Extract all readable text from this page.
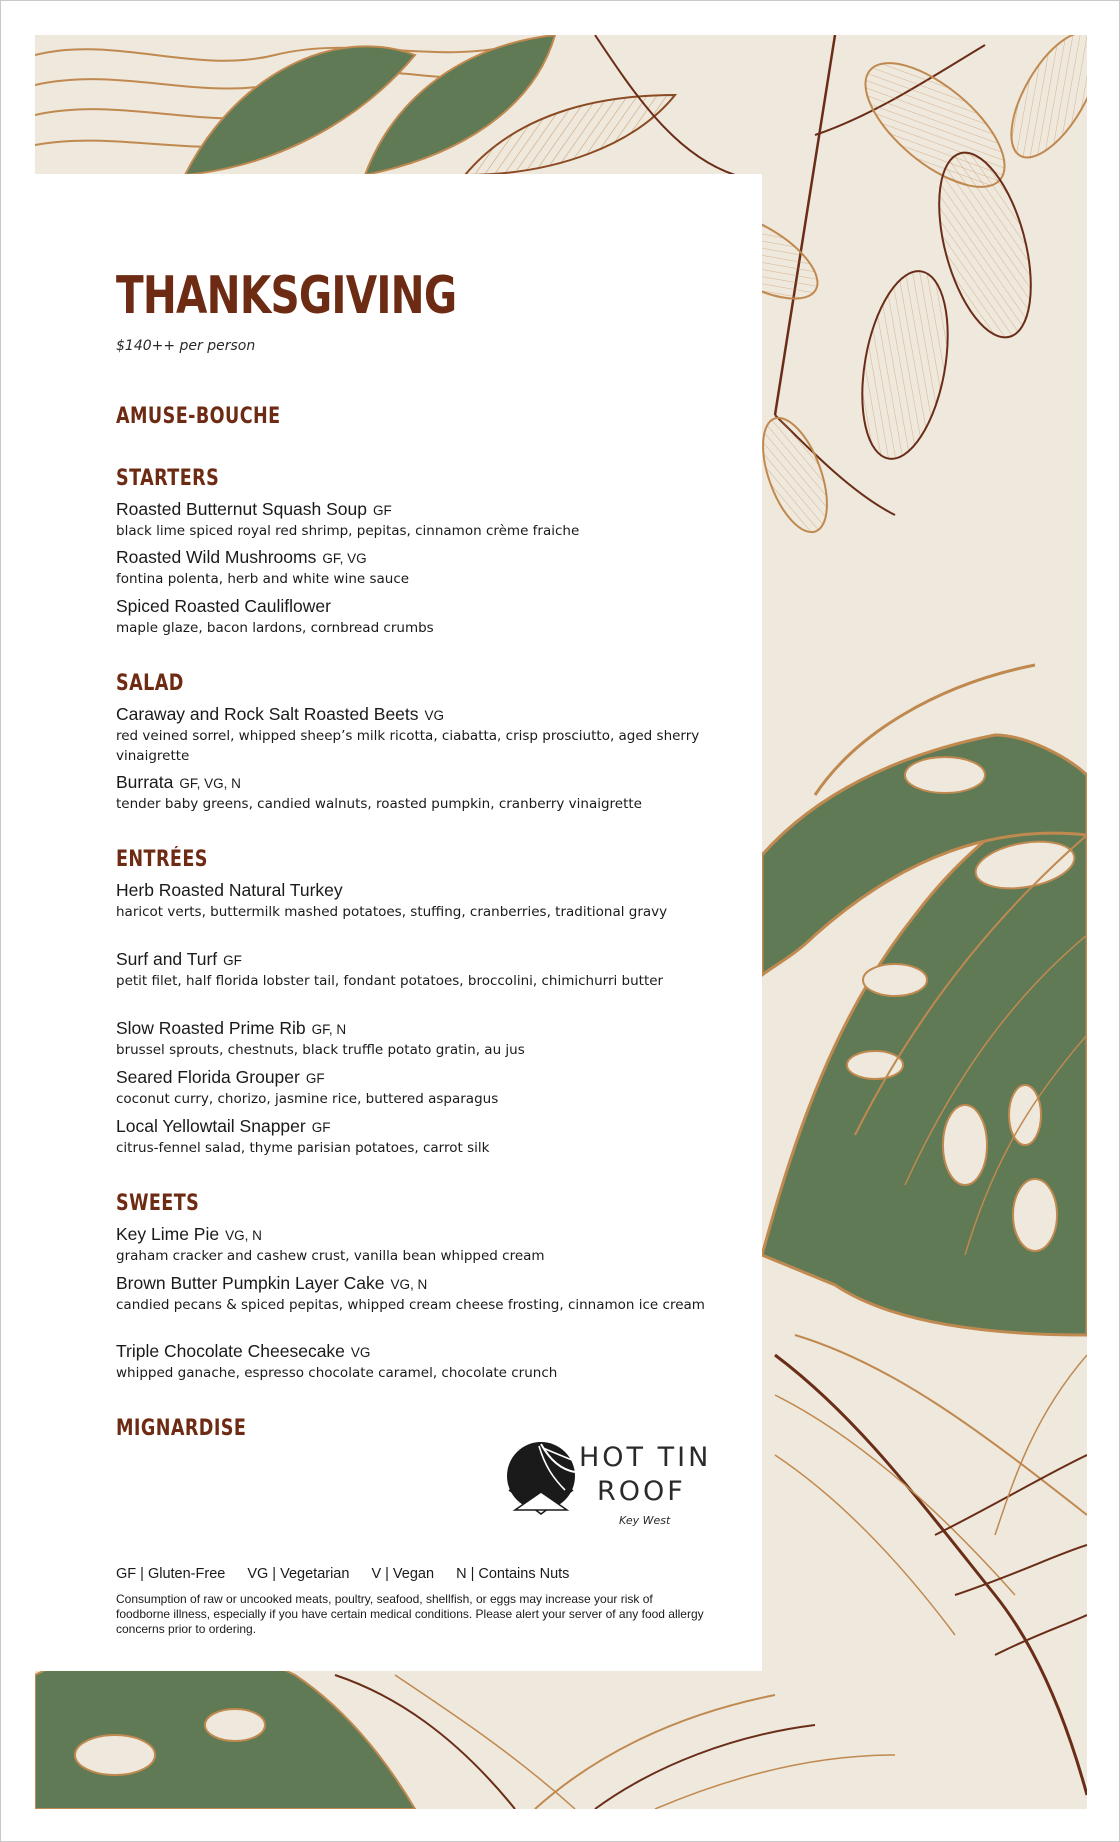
THANKSGIVING
$140++ per person
AMUSE-BOUCHE
STARTERS
Roasted Butternut Squash Soup GF
black lime spiced royal red shrimp, pepitas, cinnamon crème fraiche
Roasted Wild Mushrooms GF, VG
fontina polenta, herb and white wine sauce
Spiced Roasted Cauliflower
maple glaze, bacon lardons, cornbread crumbs
SALAD
Caraway and Rock Salt Roasted Beets VG
red veined sorrel, whipped sheep’s milk ricotta, ciabatta, crisp prosciutto, aged sherry vinaigrette
Burrata GF, VG, N
tender baby greens, candied walnuts, roasted pumpkin, cranberry vinaigrette
ENTRÉES
Herb Roasted Natural Turkey
haricot verts, buttermilk mashed potatoes, stuffing, cranberries, traditional gravy
Surf and Turf GF
petit filet, half florida lobster tail, fondant potatoes, broccolini, chimichurri butter
Slow Roasted Prime Rib GF, N
brussel sprouts, chestnuts, black truffle potato gratin, au jus
Seared Florida Grouper GF
coconut curry, chorizo, jasmine rice, buttered asparagus
Local Yellowtail Snapper GF
citrus-fennel salad, thyme parisian potatoes, carrot silk
SWEETS
Key Lime Pie VG, N
graham cracker and cashew crust, vanilla bean whipped cream
Brown Butter Pumpkin Layer Cake VG, N
candied pecans & spiced pepitas, whipped cream cheese frosting, cinnamon ice cream
Triple Chocolate Cheesecake VG
whipped ganache, espresso chocolate caramel, chocolate crunch
MIGNARDISE
HOT TIN
ROOF
Key West
GF | Gluten-Free VG | Vegetarian V | Vegan N | Contains Nuts
Consumption of raw or uncooked meats, poultry, seafood, shellfish, or eggs may increase your risk of foodborne illness, especially if you have certain medical conditions. Please alert your server of any food allergy concerns prior to ordering.
